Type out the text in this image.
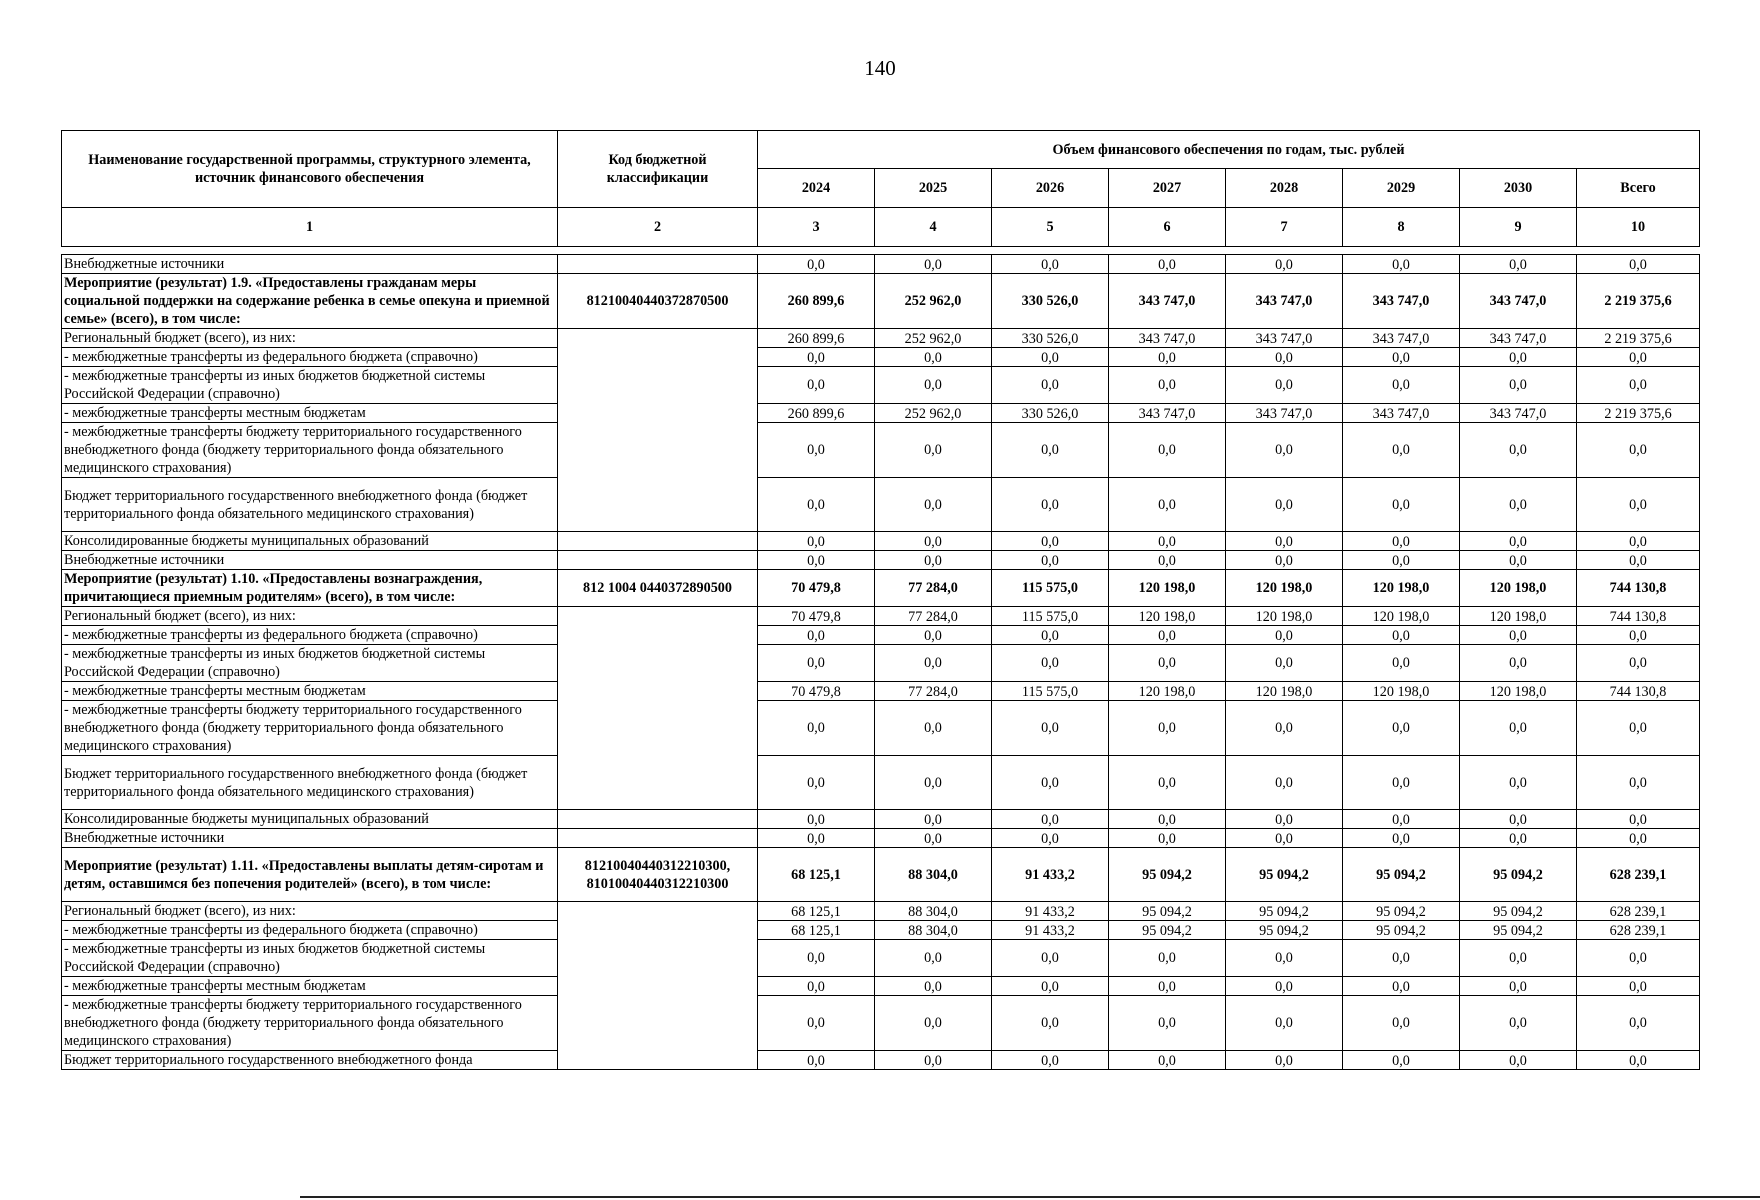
140
Наименование государственной программы, структурного элемента, источник финансового обеспечения	Код бюджетной классификации	Объем финансового обеспечения по годам, тыс. рублей							
		2024	2025	2026	2027	2028	2029	2030	Всего
1	2	3	4	5	6	7	8	9	10

Внебюджетные источники		0,0	0,0	0,0	0,0	0,0	0,0	0,0	0,0
Мероприятие (результат) 1.9. «Предоставлены гражданам меры социальной поддержки на содержание ребенка в семье опекуна и приемной семье» (всего), в том числе:	81210040440372870500	260 899,6	252 962,0	330 526,0	343 747,0	343 747,0	343 747,0	343 747,0	2 219 375,6
Региональный бюджет (всего), из них:		260 899,6	252 962,0	330 526,0	343 747,0	343 747,0	343 747,0	343 747,0	2 219 375,6
- межбюджетные трансферты из федерального бюджета (справочно)		0,0	0,0	0,0	0,0	0,0	0,0	0,0	0,0
- межбюджетные трансферты из иных бюджетов бюджетной системы Российской Федерации (справочно)		0,0	0,0	0,0	0,0	0,0	0,0	0,0	0,0
- межбюджетные трансферты местным бюджетам		260 899,6	252 962,0	330 526,0	343 747,0	343 747,0	343 747,0	343 747,0	2 219 375,6
- межбюджетные трансферты бюджету территориального государственного внебюджетного фонда (бюджету территориального фонда обязательного медицинского страхования)		0,0	0,0	0,0	0,0	0,0	0,0	0,0	0,0
Бюджет территориального государственного внебюджетного фонда (бюджет территориального фонда обязательного медицинского страхования)		0,0	0,0	0,0	0,0	0,0	0,0	0,0	0,0
Консолидированные бюджеты муниципальных образований		0,0	0,0	0,0	0,0	0,0	0,0	0,0	0,0
Внебюджетные источники		0,0	0,0	0,0	0,0	0,0	0,0	0,0	0,0
Мероприятие (результат) 1.10. «Предоставлены вознаграждения, причитающиеся приемным родителям» (всего), в том числе:	812 1004 0440372890500	70 479,8	77 284,0	115 575,0	120 198,0	120 198,0	120 198,0	120 198,0	744 130,8
Региональный бюджет (всего), из них:		70 479,8	77 284,0	115 575,0	120 198,0	120 198,0	120 198,0	120 198,0	744 130,8
- межбюджетные трансферты из федерального бюджета (справочно)		0,0	0,0	0,0	0,0	0,0	0,0	0,0	0,0
- межбюджетные трансферты из иных бюджетов бюджетной системы Российской Федерации (справочно)		0,0	0,0	0,0	0,0	0,0	0,0	0,0	0,0
- межбюджетные трансферты местным бюджетам		70 479,8	77 284,0	115 575,0	120 198,0	120 198,0	120 198,0	120 198,0	744 130,8
- межбюджетные трансферты бюджету территориального государственного внебюджетного фонда (бюджету территориального фонда обязательного медицинского страхования)		0,0	0,0	0,0	0,0	0,0	0,0	0,0	0,0
Бюджет территориального государственного внебюджетного фонда (бюджет территориального фонда обязательного медицинского страхования)		0,0	0,0	0,0	0,0	0,0	0,0	0,0	0,0
Консолидированные бюджеты муниципальных образований		0,0	0,0	0,0	0,0	0,0	0,0	0,0	0,0
Внебюджетные источники		0,0	0,0	0,0	0,0	0,0	0,0	0,0	0,0
Мероприятие (результат) 1.11. «Предоставлены выплаты детям-сиротам и детям, оставшимся без попечения родителей» (всего), в том числе:	81210040440312210300, 81010040440312210300	68 125,1	88 304,0	91 433,2	95 094,2	95 094,2	95 094,2	95 094,2	628 239,1
Региональный бюджет (всего), из них:		68 125,1	88 304,0	91 433,2	95 094,2	95 094,2	95 094,2	95 094,2	628 239,1
- межбюджетные трансферты из федерального бюджета (справочно)		68 125,1	88 304,0	91 433,2	95 094,2	95 094,2	95 094,2	95 094,2	628 239,1
- межбюджетные трансферты из иных бюджетов бюджетной системы Российской Федерации (справочно)		0,0	0,0	0,0	0,0	0,0	0,0	0,0	0,0
- межбюджетные трансферты местным бюджетам		0,0	0,0	0,0	0,0	0,0	0,0	0,0	0,0
- межбюджетные трансферты бюджету территориального государственного внебюджетного фонда (бюджету территориального фонда обязательного медицинского страхования)		0,0	0,0	0,0	0,0	0,0	0,0	0,0	0,0
Бюджет территориального государственного внебюджетного фонда		0,0	0,0	0,0	0,0	0,0	0,0	0,0	0,0
